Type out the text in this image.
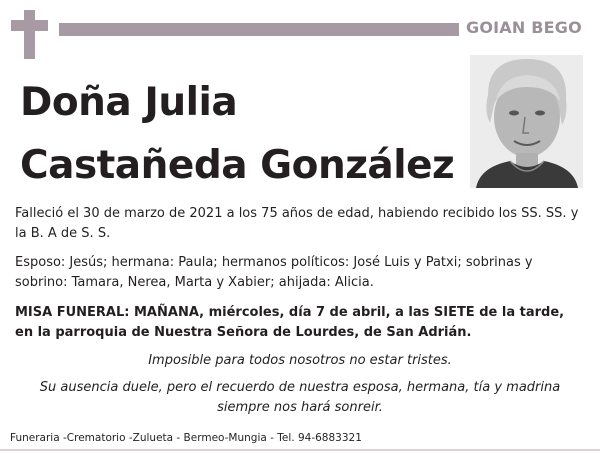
GOIAN BEGO
Doña Julia
Castañeda González
Falleció el 30 de marzo de 2021 a los 75 años de edad, habiendo recibido los SS. SS. y la B. A de S. S.
Esposo: Jesús; hermana: Paula; hermanos políticos: José Luis y Patxi; sobrinas y sobrino: Tamara, Nerea, Marta y Xabier; ahijada: Alicia.
MISA FUNERAL: MAÑANA, miércoles, día 7 de abril, a las SIETE de la tarde, en la parroquia de Nuestra Señora de Lourdes, de San Adrián.
Imposible para todos nosotros no estar tristes.
Su ausencia duele, pero el recuerdo de nuestra esposa, hermana, tía y madrina siempre nos hará sonreir.
Funeraria -Crematorio -Zulueta - Bermeo-Mungia - Tel. 94-6883321
